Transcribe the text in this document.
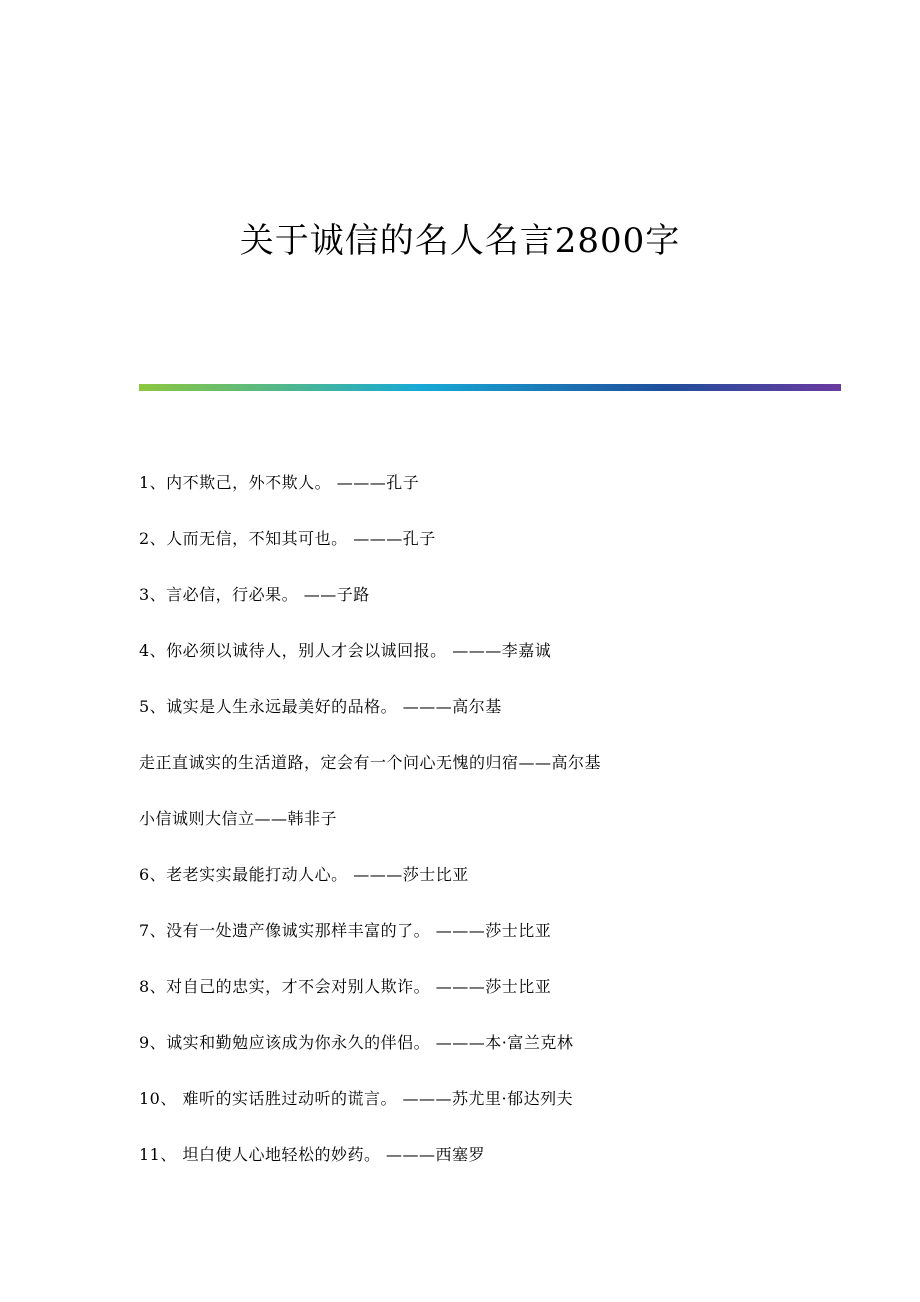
关于诚信的名人名言2800字
1、内不欺己，外不欺人。 ———孔子
2、人而无信，不知其可也。 ———孔子
3、言必信，行必果。 ——子路
4、你必须以诚待人，别人才会以诚回报。 ———李嘉诚
5、诚实是人生永远最美好的品格。 ———高尔基
走正直诚实的生活道路，定会有一个问心无愧的归宿——高尔基
小信诚则大信立——韩非子
6、老老实实最能打动人心。 ———莎士比亚
7、没有一处遗产像诚实那样丰富的了。 ———莎士比亚
8、对自己的忠实，才不会对别人欺诈。 ———莎士比亚
9、诚实和勤勉应该成为你永久的伴侣。 ———本·富兰克林
10、 难听的实话胜过动听的谎言。 ———苏尤里·郁达列夫
11、 坦白使人心地轻松的妙药。 ———西塞罗
